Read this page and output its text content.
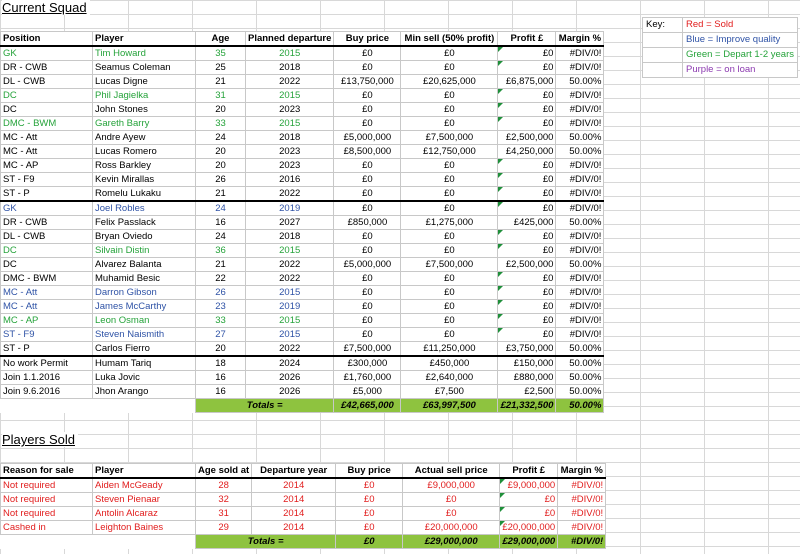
Current Squad
Position	Player	Age	Planned departure	Buy price	Min sell (50% profit)	Profit £	Margin %
GK	Tim Howard	35	2015	£0	£0	£0	#DIV/0!
DR - CWB	Seamus Coleman	25	2018	£0	£0	£0	#DIV/0!
DL - CWB	Lucas Digne	21	2022	£13,750,000	£20,625,000	£6,875,000	50.00%
DC	Phil Jagielka	31	2015	£0	£0	£0	#DIV/0!
DC	John Stones	20	2023	£0	£0	£0	#DIV/0!
DMC - BWM	Gareth Barry	33	2015	£0	£0	£0	#DIV/0!
MC - Att	Andre Ayew	24	2018	£5,000,000	£7,500,000	£2,500,000	50.00%
MC - Att	Lucas Romero	20	2023	£8,500,000	£12,750,000	£4,250,000	50.00%
MC - AP	Ross Barkley	20	2023	£0	£0	£0	#DIV/0!
ST - F9	Kevin Mirallas	26	2016	£0	£0	£0	#DIV/0!
ST - P	Romelu Lukaku	21	2022	£0	£0	£0	#DIV/0!
GK	Joel Robles	24	2019	£0	£0	£0	#DIV/0!
DR - CWB	Felix Passlack	16	2027	£850,000	£1,275,000	£425,000	50.00%
DL - CWB	Bryan Oviedo	24	2018	£0	£0	£0	#DIV/0!
DC	Silvain Distin	36	2015	£0	£0	£0	#DIV/0!
DC	Alvarez Balanta	21	2022	£5,000,000	£7,500,000	£2,500,000	50.00%
DMC - BWM	Muhamid Besic	22	2022	£0	£0	£0	#DIV/0!
MC - Att	Darron Gibson	26	2015	£0	£0	£0	#DIV/0!
MC - Att	James McCarthy	23	2019	£0	£0	£0	#DIV/0!
MC - AP	Leon Osman	33	2015	£0	£0	£0	#DIV/0!
ST - F9	Steven Naismith	27	2015	£0	£0	£0	#DIV/0!
ST - P	Carlos Fierro	20	2022	£7,500,000	£11,250,000	£3,750,000	50.00%
No work Permit	Humam Tariq	18	2024	£300,000	£450,000	£150,000	50.00%
Join 1.1.2016	Luka Jovic	16	2026	£1,760,000	£2,640,000	£880,000	50.00%
Join 9.6.2016	Jhon Arango	16	2026	£5,000	£7,500	£2,500	50.00%
		Totals =		£42,665,000	£63,997,500	£21,332,500	50.00%
Players Sold
Reason for sale	Player	Age sold at	Departure year	Buy price	Actual sell price	Profit £	Margin %
Not required	Aiden McGeady	28	2014	£0	£9,000,000	£9,000,000	#DIV/0!
Not required	Steven Pienaar	32	2014	£0	£0	£0	#DIV/0!
Not required	Antolin Alcaraz	31	2014	£0	£0	£0	#DIV/0!
Cashed in	Leighton Baines	29	2014	£0	£20,000,000	£20,000,000	#DIV/0!
		Totals =		£0	£29,000,000	£29,000,000	#DIV/0!
Key:	Red = Sold
	Blue = Improve quality
	Green = Depart 1-2 years
	Purple = on loan
